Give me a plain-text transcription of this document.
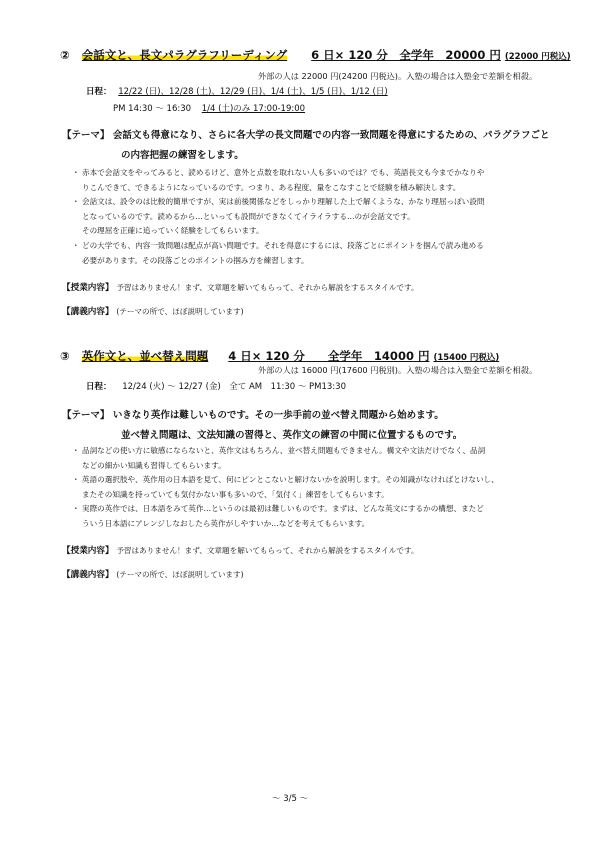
② 会話文と、長文パラグラフリーディング 6 日× 120 分　全学年　20000 円 (22000 円税込)
外部の人は 22000 円(24200 円税込)。入塾の場合は入塾金で差額を相殺。
日程： 12/22 (日)、12/28 (土)、12/29 (日)、1/4 (土)、1/5 (日)、1/12 (日)
PM 14:30 ～ 16:30 1/4 (土)のみ 17:00-19:00
【テーマ】 会話文も得意になり、さらに各大学の長文問題での内容一致問題を得意にするための、パラグラフごと
の内容把握の練習をします。
・ 赤本で会話文をやってみると、読めるけど、意外と点数を取れない人も多いのでは？でも、英語長文も今までかなりや
りこんできて、できるようになっているのです。つまり、ある程度、量をこなすことで経験を積み解決します。
・ 会話文は、設令のは比較的簡単ですが、実は前後関係などをしっかり理解した上で解くような、かなり理屈っぽい設問
となっているのです。読めるから…といっても設問ができなくてイライラする…のが会話文です。
その理屈を正確に追っていく経験をしてもらいます。
・ どの大学でも、内容一致問題は配点が高い問題です。それを得意にするには、段落ごとにポイントを掴んで読み進める
必要があります。その段落ごとのポイントの掴み方を練習します。
【授業内容】 予習はありません！まず、文章題を解いてもらって、それから解説をするスタイルです。
【講義内容】 (テーマの所で、ほぼ説明しています)
③ 英作文と、並べ替え問題 4 日× 120 分　　全学年　14000 円 (15400 円税込)
外部の人は 16000 円(17600 円税別)。入塾の場合は入塾金で差額を相殺。
日程： 12/24 (火) ～ 12/27 (金)　全て AM　11:30 ～ PM13:30
【テーマ】 いきなり英作は難しいものです。その一歩手前の並べ替え問題から始めます。
並べ替え問題は、文法知識の習得と、英作文の練習の中間に位置するものです。
・ 品詞などの使い方に敏感にならないと、英作文はもちろん、並べ替え問題もできません。構文や文法だけでなく、品詞
などの細かい知識も習得してもらいます。
・ 英語の選択肢や、英作用の日本語を見て、何にピンとこないと解けないかを説明します。その知識がなければとけないし、
またその知識を持っていても気付かない事も多いので、「気付く」練習をしてもらいます。
・ 実際の英作では、日本語をみて英作…というのは最初は難しいものです。まずは、どんな英文にするかの構想、またど
ういう日本語にアレンジしなおしたら英作がしやすいか…などを考えてもらいます。
【授業内容】 予習はありません！まず、文章題を解いてもらって、それから解説をするスタイルです。
【講義内容】 (テーマの所で、ほぼ説明しています)
～ 3/5 ～
